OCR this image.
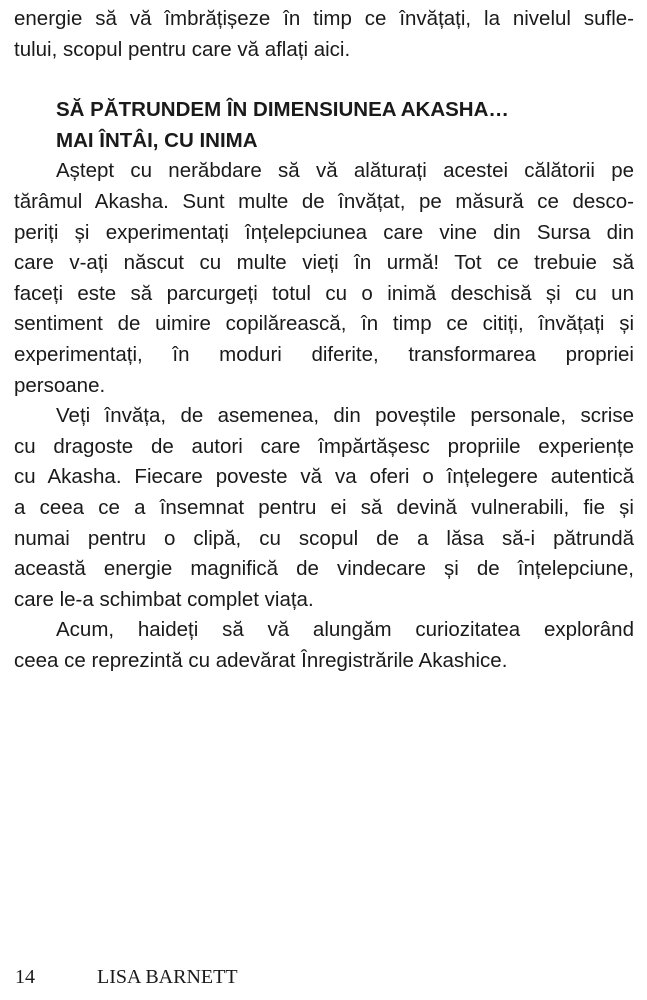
energie să vă îmbrățișeze în timp ce învățați, la nivelul sufle-
tului, scopul pentru care vă aflați aici.
SĂ PĂTRUNDEM ÎN DIMENSIUNEA AKASHA…
MAI ÎNTÂI, CU INIMA
Aștept cu nerăbdare să vă alăturați acestei călătorii pe
tărâmul Akasha. Sunt multe de învățat, pe măsură ce desco-
periți și experimentați înțelepciunea care vine din Sursa din
care v-ați născut cu multe vieți în urmă! Tot ce trebuie să
faceți este să parcurgeți totul cu o inimă deschisă și cu un
sentiment de uimire copilărească, în timp ce citiți, învățați și
experimentați, în moduri diferite, transformarea propriei
persoane.
Veți învăța, de asemenea, din poveștile personale, scrise
cu dragoste de autori care împărtășesc propriile experiențe
cu Akasha. Fiecare poveste vă va oferi o înțelegere autentică
a ceea ce a însemnat pentru ei să devină vulnerabili, fie și
numai pentru o clipă, cu scopul de a lăsa să-i pătrundă
această energie magnifică de vindecare și de înțelepciune,
care le-a schimbat complet viața.
Acum, haideți să vă alungăm curiozitatea explorând
ceea ce reprezintă cu adevărat Înregistrările Akashice.
14	LISA BARNETT
